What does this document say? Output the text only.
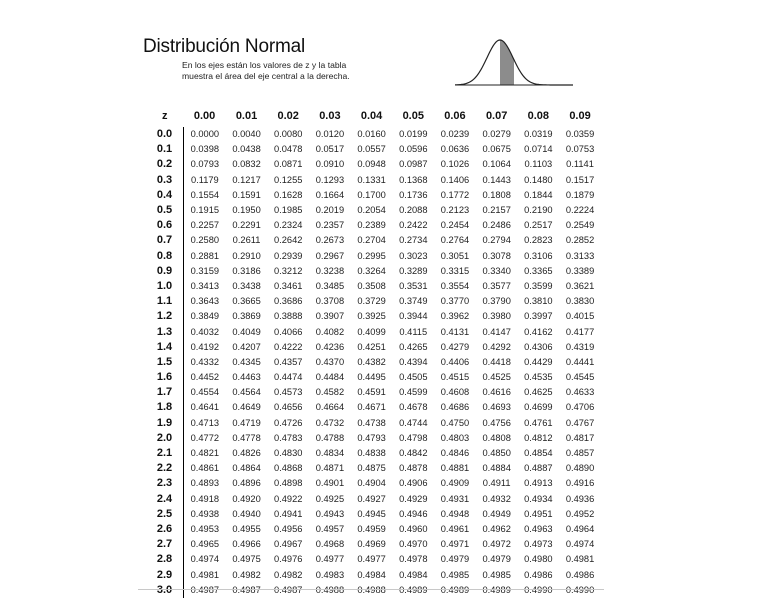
Distribución Normal
En los ejes están los valores de z y la tabla
muestra el área del eje central a la derecha.
z	0.00	0.01	0.02	0.03	0.04	0.05	0.06	0.07	0.08	0.09
0.0	0.0000	0.0040	0.0080	0.0120	0.0160	0.0199	0.0239	0.0279	0.0319	0.0359
0.1	0.0398	0.0438	0.0478	0.0517	0.0557	0.0596	0.0636	0.0675	0.0714	0.0753
0.2	0.0793	0.0832	0.0871	0.0910	0.0948	0.0987	0.1026	0.1064	0.1103	0.1141
0.3	0.1179	0.1217	0.1255	0.1293	0.1331	0.1368	0.1406	0.1443	0.1480	0.1517
0.4	0.1554	0.1591	0.1628	0.1664	0.1700	0.1736	0.1772	0.1808	0.1844	0.1879
0.5	0.1915	0.1950	0.1985	0.2019	0.2054	0.2088	0.2123	0.2157	0.2190	0.2224
0.6	0.2257	0.2291	0.2324	0.2357	0.2389	0.2422	0.2454	0.2486	0.2517	0.2549
0.7	0.2580	0.2611	0.2642	0.2673	0.2704	0.2734	0.2764	0.2794	0.2823	0.2852
0.8	0.2881	0.2910	0.2939	0.2967	0.2995	0.3023	0.3051	0.3078	0.3106	0.3133
0.9	0.3159	0.3186	0.3212	0.3238	0.3264	0.3289	0.3315	0.3340	0.3365	0.3389
1.0	0.3413	0.3438	0.3461	0.3485	0.3508	0.3531	0.3554	0.3577	0.3599	0.3621
1.1	0.3643	0.3665	0.3686	0.3708	0.3729	0.3749	0.3770	0.3790	0.3810	0.3830
1.2	0.3849	0.3869	0.3888	0.3907	0.3925	0.3944	0.3962	0.3980	0.3997	0.4015
1.3	0.4032	0.4049	0.4066	0.4082	0.4099	0.4115	0.4131	0.4147	0.4162	0.4177
1.4	0.4192	0.4207	0.4222	0.4236	0.4251	0.4265	0.4279	0.4292	0.4306	0.4319
1.5	0.4332	0.4345	0.4357	0.4370	0.4382	0.4394	0.4406	0.4418	0.4429	0.4441
1.6	0.4452	0.4463	0.4474	0.4484	0.4495	0.4505	0.4515	0.4525	0.4535	0.4545
1.7	0.4554	0.4564	0.4573	0.4582	0.4591	0.4599	0.4608	0.4616	0.4625	0.4633
1.8	0.4641	0.4649	0.4656	0.4664	0.4671	0.4678	0.4686	0.4693	0.4699	0.4706
1.9	0.4713	0.4719	0.4726	0.4732	0.4738	0.4744	0.4750	0.4756	0.4761	0.4767
2.0	0.4772	0.4778	0.4783	0.4788	0.4793	0.4798	0.4803	0.4808	0.4812	0.4817
2.1	0.4821	0.4826	0.4830	0.4834	0.4838	0.4842	0.4846	0.4850	0.4854	0.4857
2.2	0.4861	0.4864	0.4868	0.4871	0.4875	0.4878	0.4881	0.4884	0.4887	0.4890
2.3	0.4893	0.4896	0.4898	0.4901	0.4904	0.4906	0.4909	0.4911	0.4913	0.4916
2.4	0.4918	0.4920	0.4922	0.4925	0.4927	0.4929	0.4931	0.4932	0.4934	0.4936
2.5	0.4938	0.4940	0.4941	0.4943	0.4945	0.4946	0.4948	0.4949	0.4951	0.4952
2.6	0.4953	0.4955	0.4956	0.4957	0.4959	0.4960	0.4961	0.4962	0.4963	0.4964
2.7	0.4965	0.4966	0.4967	0.4968	0.4969	0.4970	0.4971	0.4972	0.4973	0.4974
2.8	0.4974	0.4975	0.4976	0.4977	0.4977	0.4978	0.4979	0.4979	0.4980	0.4981
2.9	0.4981	0.4982	0.4982	0.4983	0.4984	0.4984	0.4985	0.4985	0.4986	0.4986
